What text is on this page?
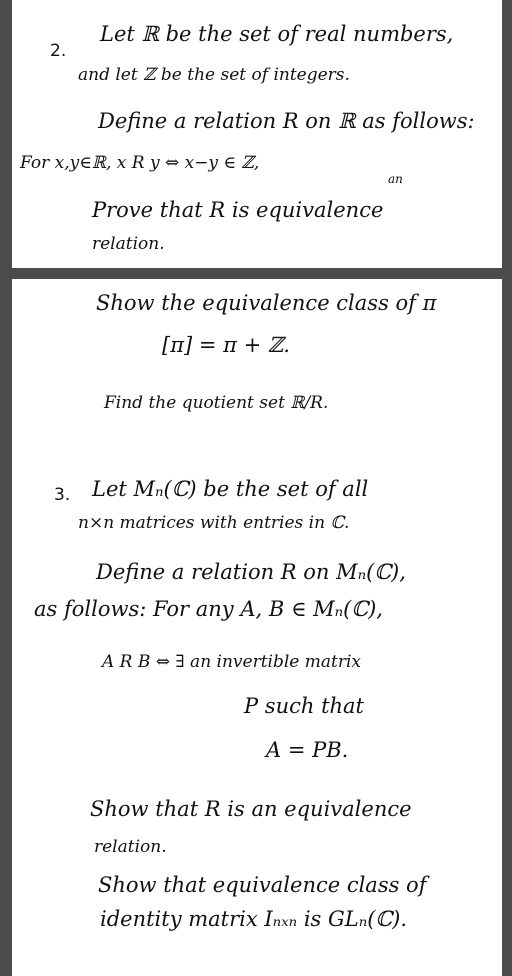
2.
Let ℝ be the set of real numbers,
and let ℤ be the set of integers.
Define a relation R on ℝ as follows:
For x,y∈ℝ, x R y ⇔ x−y ∈ ℤ,
an
Prove that R is equivalence
relation.
Show the equivalence class of π
[π] = π + ℤ.
Find the quotient set ℝ/R.
3. Let Mₙ(ℂ) be the set of all
n×n matrices with entries in ℂ.
Define a relation R on Mₙ(ℂ),
as follows: For any A, B ∈ Mₙ(ℂ),
A R B ⇔ ∃ an invertible matrix
P such that
A = PB.
Show that R is an equivalence
relation.
Show that equivalence class of
identity matrix Iₙₓₙ is GLₙ(ℂ).
